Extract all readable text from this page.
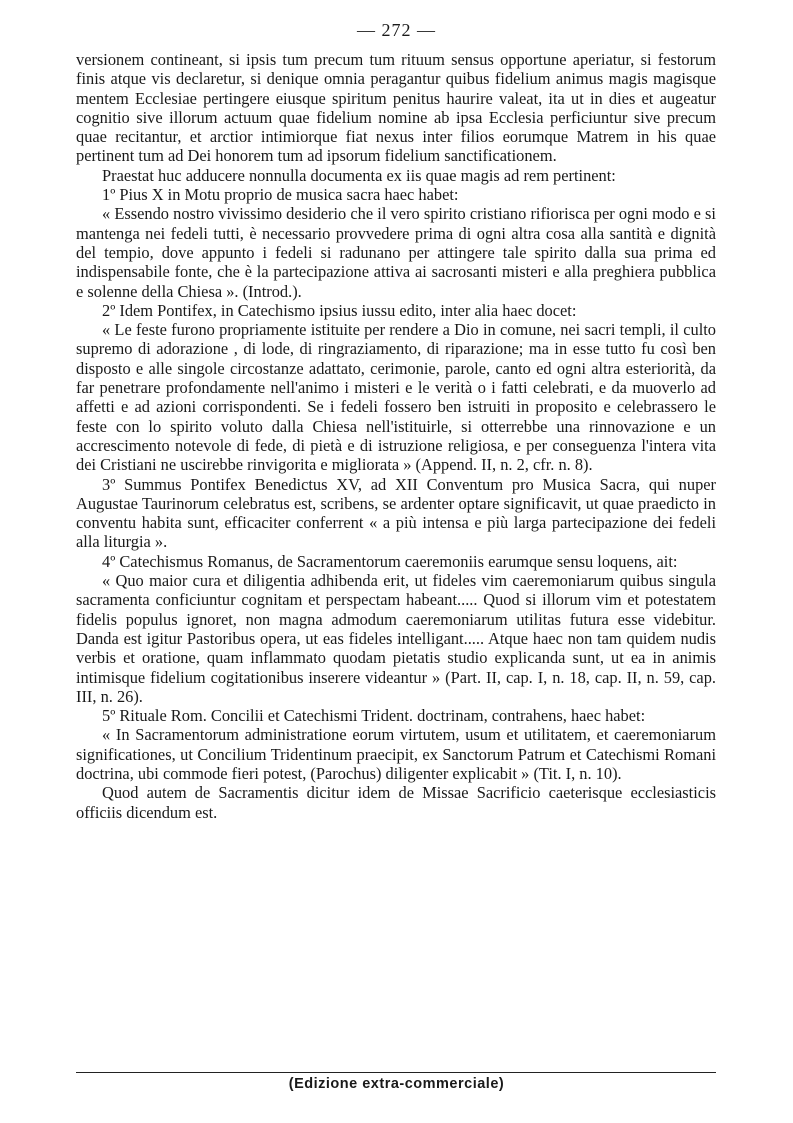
— 272 —

versionem contineant, si ipsis tum precum tum rituum sensus opportune aperiatur, si festorum finis atque vis declaretur, si denique omnia peragantur quibus fidelium animus magis magisque mentem Ecclesiae pertingere eiusque spiritum penitus haurire valeat, ita ut in dies et augeatur cognitio sive illorum actuum quae fidelium nomine ab ipsa Ecclesia perficiuntur sive precum quae recitantur, et arctior intimiorque fiat nexus inter filios eorumque Matrem in his quae pertinent tum ad Dei honorem tum ad ipsorum fidelium sanctificationem.

Praestat huc adducere nonnulla documenta ex iis quae magis ad rem pertinent:

1º Pius X in Motu proprio de musica sacra haec habet:

« Essendo nostro vivissimo desiderio che il vero spirito cristiano rifiorisca per ogni modo e si mantenga nei fedeli tutti, è necessario provvedere prima di ogni altra cosa alla santità e dignità del tempio, dove appunto i fedeli si radunano per attingere tale spirito dalla sua prima ed indispensabile fonte, che è la partecipazione attiva ai sacrosanti misteri e alla preghiera pubblica e solenne della Chiesa ». (Introd.).

2º Idem Pontifex, in Catechismo ipsius iussu edito, inter alia haec docet:

« Le feste furono propriamente istituite per rendere a Dio in comune, nei sacri templi, il culto supremo di adorazione , di lode, di ringraziamento, di riparazione; ma in esse tutto fu così ben disposto e alle singole circostanze adattato, cerimonie, parole, canto ed ogni altra esteriorità, da far penetrare profondamente nell'animo i misteri e le verità o i fatti celebrati, e da muoverlo ad affetti e ad azioni corrispondenti. Se i fedeli fossero ben istruiti in proposito e celebrassero le feste con lo spirito voluto dalla Chiesa nell'istituirle, si otterrebbe una rinnovazione e un accrescimento notevole di fede, di pietà e di istruzione religiosa, e per conseguenza l'intera vita dei Cristiani ne uscirebbe rinvigorita e migliorata » (Append. II, n. 2, cfr. n. 8).

3º Summus Pontifex Benedictus XV, ad XII Conventum pro Musica Sacra, qui nuper Augustae Taurinorum celebratus est, scribens, se ardenter optare significavit, ut quae praedicto in conventu habita sunt, efficaciter conferrent « a più intensa e più larga partecipazione dei fedeli alla liturgia ».

4º Catechismus Romanus, de Sacramentorum caeremoniis earumque sensu loquens, ait:

« Quo maior cura et diligentia adhibenda erit, ut fideles vim caeremoniarum quibus singula sacramenta conficiuntur cognitam et perspectam habeant..... Quod si illorum vim et potestatem fidelis populus ignoret, non magna admodum caeremoniarum utilitas futura esse videbitur. Danda est igitur Pastoribus opera, ut eas fideles intelligant..... Atque haec non tam quidem nudis verbis et oratione, quam inflammato quodam pietatis studio explicanda sunt, ut ea in animis intimisque fidelium cogitationibus inserere videantur » (Part. II, cap. I, n. 18, cap. II, n. 59, cap. III, n. 26).

5º Rituale Rom. Concilii et Catechismi Trident. doctrinam, contrahens, haec habet:

« In Sacramentorum administratione eorum virtutem, usum et utilitatem, et caeremoniarum significationes, ut Concilium Tridentinum praecipit, ex Sanctorum Patrum et Catechismi Romani doctrina, ubi commode fieri potest, (Parochus) diligenter explicabit » (Tit. I, n. 10).

Quod autem de Sacramentis dicitur idem de Missae Sacrificio caeterisque ecclesiasticis officiis dicendum est.

(Edizione extra-commerciale)
